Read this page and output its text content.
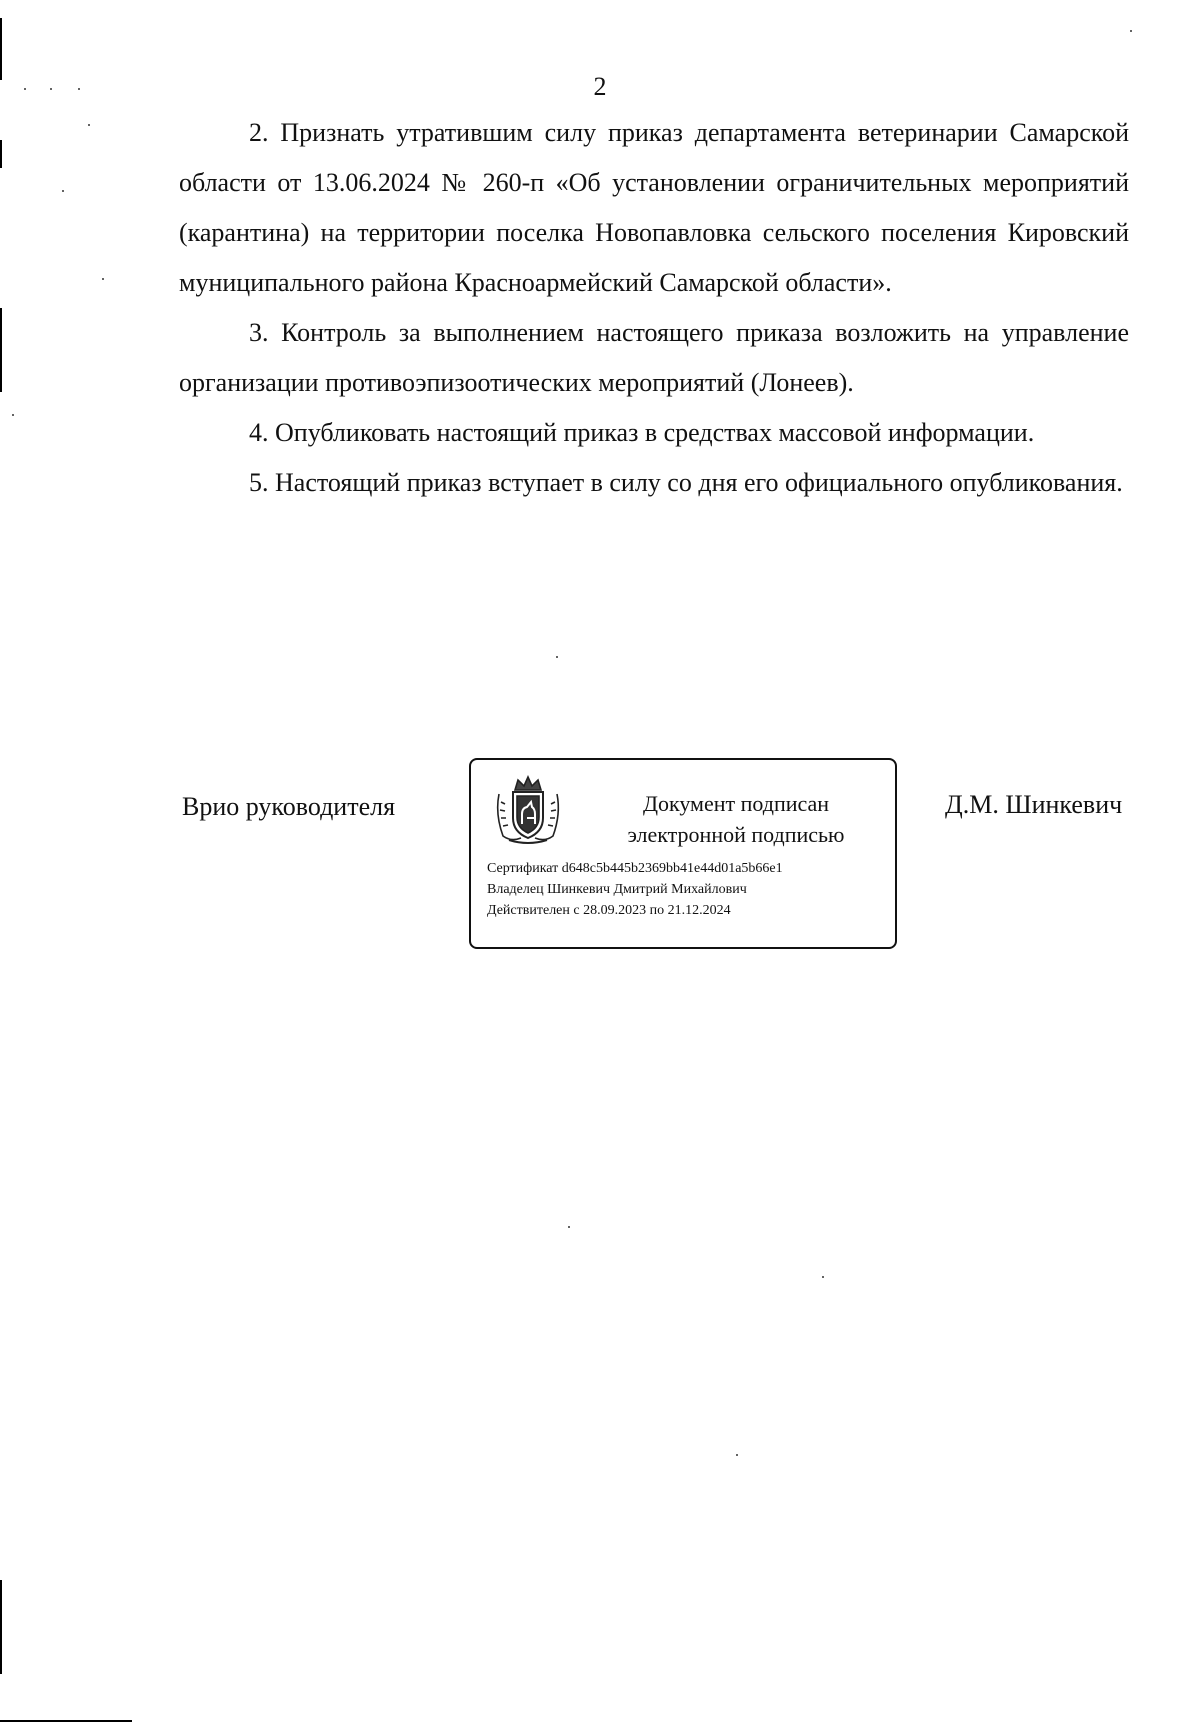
2

2. Признать утратившим силу приказ департамента ветеринарии Самарской области от 13.06.2024 № 260-п «Об установлении ограничительных мероприятий (карантина) на территории поселка Новопавловка сельского поселения Кировский муниципального района Красноармейский Самарской области».

3. Контроль за выполнением настоящего приказа возложить на управление организации противоэпизоотических мероприятий (Лонеев).

4. Опубликовать настоящий приказ в средствах массовой информации.

5. Настоящий приказ вступает в силу со дня его официального опубликования.

Врио руководителя	Документ подписан
электронной подписью
Сертификат d648c5b445b2369bb41e44d01a5b66e1
Владелец Шинкевич Дмитрий Михайлович
Действителен с 28.09.2023 по 21.12.2024
Д.М. Шинкевич
